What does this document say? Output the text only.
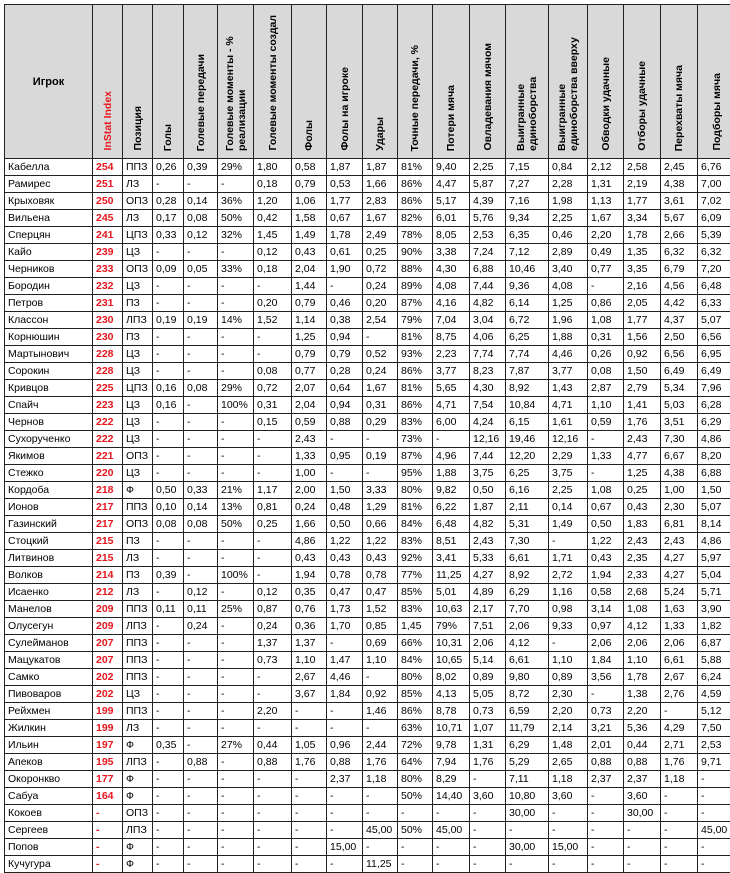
Игрок	InStat Index	Позиция	Голы	Голевые передачи	Голевые моменты - % реализации	Голевые моменты создал	Фолы	Фолы на игроке	Удары	Точные передачи, %	Потери мяча	Овладевания мячом	Выигранные единоборства	Выигранные единоборства вверху	Обводки удачные	Отборы удачные	Перехваты мяча	Подборы мяча	
Кабелла	254	ППЗ	0,26	0,39	29%	1,80	0,58	1,87	1,87	81%	9,40	2,25	7,15	0,84	2,12	2,58	2,45	6,76	
Рамирес	251	ЛЗ	-	-	-	0,18	0,79	0,53	1,66	86%	4,47	5,87	7,27	2,28	1,31	2,19	4,38	7,00	
Крыховяк	250	ОПЗ	0,28	0,14	36%	1,20	1,06	1,77	2,83	86%	5,17	4,39	7,16	1,98	1,13	1,77	3,61	7,02	
Вильена	245	ЛЗ	0,17	0,08	50%	0,42	1,58	0,67	1,67	82%	6,01	5,76	9,34	2,25	1,67	3,34	5,67	6,09	
Сперцян	241	ЦПЗ	0,33	0,12	32%	1,45	1,49	1,78	2,49	78%	8,05	2,53	6,35	0,46	2,20	1,78	2,66	5,39	
Кайо	239	ЦЗ	-	-	-	0,12	0,43	0,61	0,25	90%	3,38	7,24	7,12	2,89	0,49	1,35	6,32	6,32	
Черников	233	ОПЗ	0,09	0,05	33%	0,18	2,04	1,90	0,72	88%	4,30	6,88	10,46	3,40	0,77	3,35	6,79	7,20	
Бородин	232	ЦЗ	-	-	-	-	1,44	-	0,24	89%	4,08	7,44	9,36	4,08	-	2,16	4,56	6,48	
Петров	231	ПЗ	-	-	-	0,20	0,79	0,46	0,20	87%	4,16	4,82	6,14	1,25	0,86	2,05	4,42	6,33	
Классон	230	ЛПЗ	0,19	0,19	14%	1,52	1,14	0,38	2,54	79%	7,04	3,04	6,72	1,96	1,08	1,77	4,37	5,07	
Корнюшин	230	ПЗ	-	-	-	-	1,25	0,94	-	81%	8,75	4,06	6,25	1,88	0,31	1,56	2,50	6,56	
Мартынович	228	ЦЗ	-	-	-	-	0,79	0,79	0,52	93%	2,23	7,74	7,74	4,46	0,26	0,92	6,56	6,95	
Сорокин	228	ЦЗ	-	-	-	0,08	0,77	0,28	0,24	86%	3,77	8,23	7,87	3,77	0,08	1,50	6,49	6,49	
Кривцов	225	ЦПЗ	0,16	0,08	29%	0,72	2,07	0,64	1,67	81%	5,65	4,30	8,92	1,43	2,87	2,79	5,34	7,96	
Спайч	223	ЦЗ	0,16	-	100%	0,31	2,04	0,94	0,31	86%	4,71	7,54	10,84	4,71	1,10	1,41	5,03	6,28	
Чернов	222	ЦЗ	-	-	-	0,15	0,59	0,88	0,29	83%	6,00	4,24	6,15	1,61	0,59	1,76	3,51	6,29	
Сухорученко	222	ЦЗ	-	-	-	-	2,43	-	-	73%	-	12,16	19,46	12,16	-	2,43	7,30	4,86	
Якимов	221	ОПЗ	-	-	-	-	1,33	0,95	0,19	87%	4,96	7,44	12,20	2,29	1,33	4,77	6,67	8,20	
Стежко	220	ЦЗ	-	-	-	-	1,00	-	-	95%	1,88	3,75	6,25	3,75	-	1,25	4,38	6,88	
Кордоба	218	Ф	0,50	0,33	21%	1,17	2,00	1,50	3,33	80%	9,82	0,50	6,16	2,25	1,08	0,25	1,00	1,50	
Ионов	217	ППЗ	0,10	0,14	13%	0,81	0,24	0,48	1,29	81%	6,22	1,87	2,11	0,14	0,67	0,43	2,30	5,07	
Газинский	217	ОПЗ	0,08	0,08	50%	0,25	1,66	0,50	0,66	84%	6,48	4,82	5,31	1,49	0,50	1,83	6,81	8,14	
Стоцкий	215	ПЗ	-	-	-	-	4,86	1,22	1,22	83%	8,51	2,43	7,30	-	1,22	2,43	2,43	4,86	
Литвинов	215	ЛЗ	-	-	-	-	0,43	0,43	0,43	92%	3,41	5,33	6,61	1,71	0,43	2,35	4,27	5,97	
Волков	214	ПЗ	0,39	-	100%	-	1,94	0,78	0,78	77%	11,25	4,27	8,92	2,72	1,94	2,33	4,27	5,04	
Исаенко	212	ЛЗ	-	0,12	-	0,12	0,35	0,47	0,47	85%	5,01	4,89	6,29	1,16	0,58	2,68	5,24	5,71	
Манелов	209	ППЗ	0,11	0,11	25%	0,87	0,76	1,73	1,52	83%	10,63	2,17	7,70	0,98	3,14	1,08	1,63	3,90	
Олусегун	209	ЛПЗ	-	0,24	-	0,24	0,36	1,70	0,85	1,45	79%	7,51	2,06	9,33	0,97	4,12	1,33	1,82	
Сулейманов	207	ППЗ	-	-	-	1,37	1,37	-	0,69	66%	10,31	2,06	4,12	-	2,06	2,06	2,06	6,87	
Мацукатов	207	ППЗ	-	-	-	0,73	1,10	1,47	1,10	84%	10,65	5,14	6,61	1,10	1,84	1,10	6,61	5,88	
Самко	202	ППЗ	-	-	-	-	2,67	4,46	-	80%	8,02	0,89	9,80	0,89	3,56	1,78	2,67	6,24	
Пивоваров	202	ЦЗ	-	-	-	-	3,67	1,84	0,92	85%	4,13	5,05	8,72	2,30	-	1,38	2,76	4,59	
Рейхмен	199	ППЗ	-	-	-	2,20	-	-	1,46	86%	8,78	0,73	6,59	2,20	0,73	2,20	-	5,12	
Жилкин	199	ЛЗ	-	-	-	-	-	-	-	63%	10,71	1,07	11,79	2,14	3,21	5,36	4,29	7,50	
Ильин	197	Ф	0,35	-	27%	0,44	1,05	0,96	2,44	72%	9,78	1,31	6,29	1,48	2,01	0,44	2,71	2,53	
Апеков	195	ЛПЗ	-	0,88	-	0,88	1,76	0,88	1,76	64%	7,94	1,76	5,29	2,65	0,88	0,88	1,76	9,71	
Окоронкво	177	Ф	-	-	-	-	-	2,37	1,18	80%	8,29	-	7,11	1,18	2,37	2,37	1,18	-	
Сабуа	164	Ф	-	-	-	-	-	-	-	50%	14,40	3,60	10,80	3,60	-	3,60	-	-	
Кокоев	-	ОПЗ	-	-	-	-	-	-	-	-	-	-	30,00	-	-	30,00	-	-	
Сергеев	-	ЛПЗ	-	-	-	-	-	-	45,00	50%	45,00	-	-	-	-	-	-	45,00	
Попов	-	Ф	-	-	-	-	-	15,00	-	-	-	-	30,00	15,00	-	-	-	-	
Кучугура	-	Ф	-	-	-	-	-	-	11,25	-	-	-	-	-	-	-	-	-	
